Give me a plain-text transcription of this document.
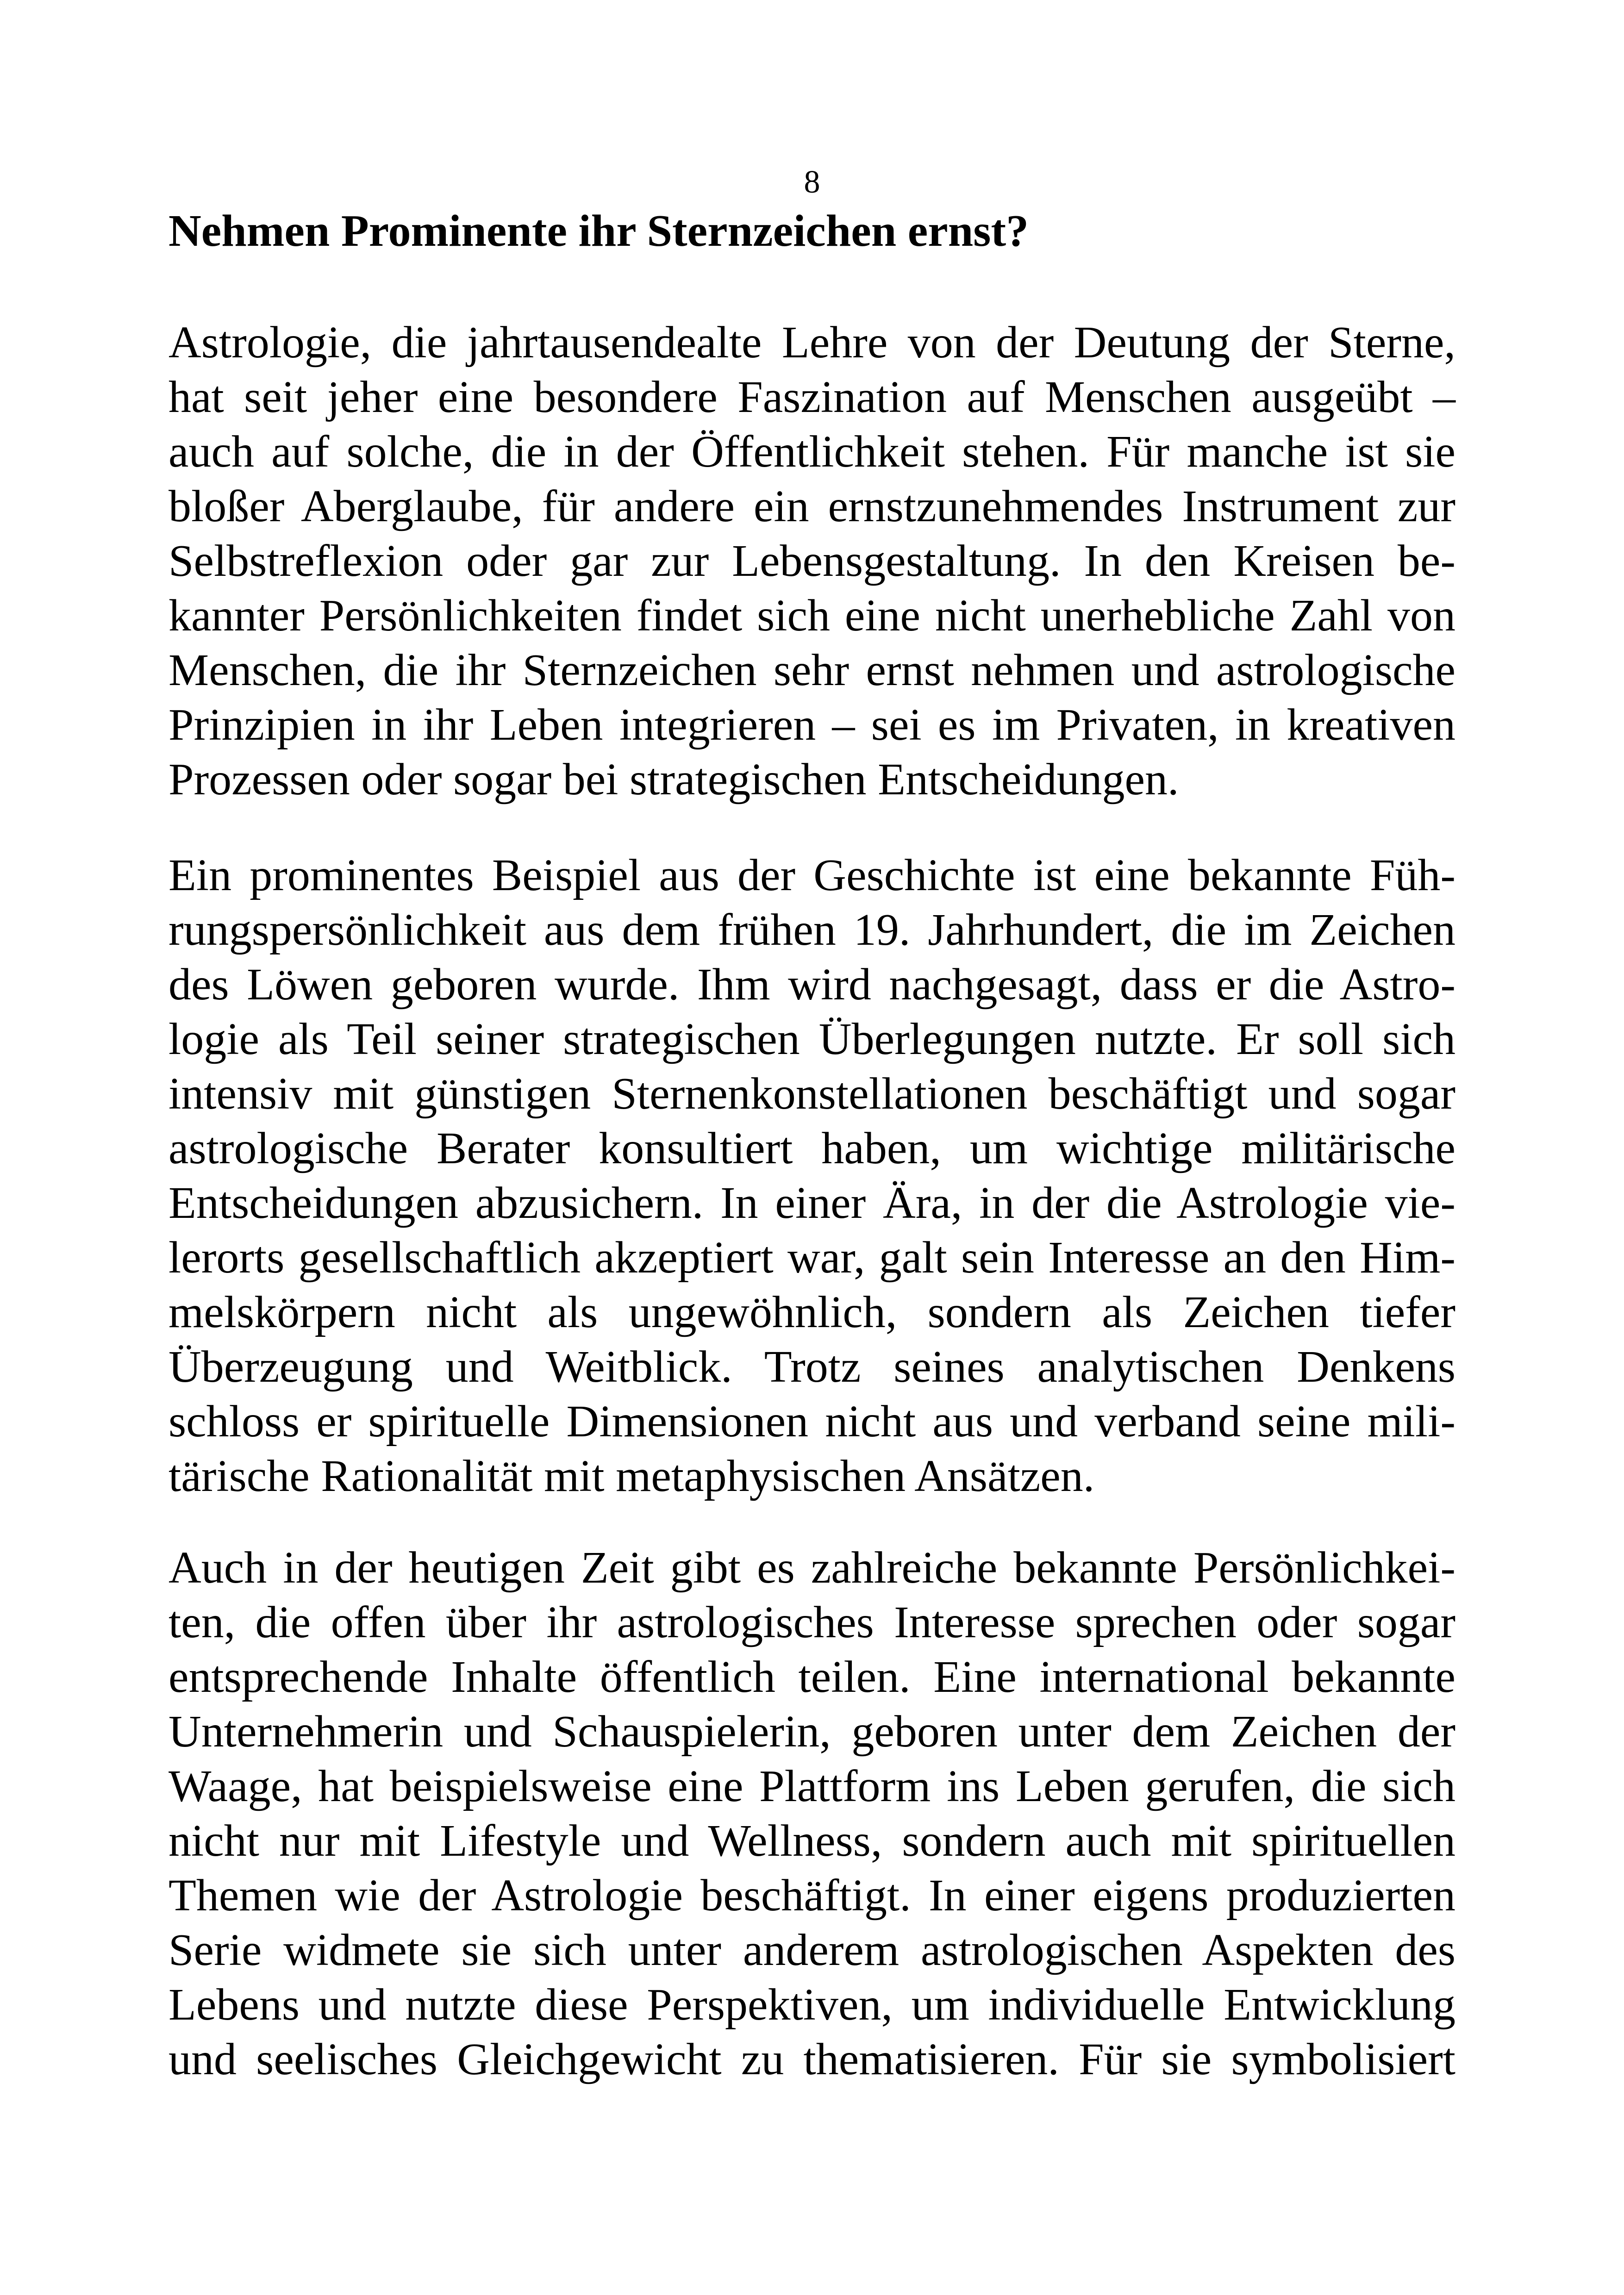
8
Nehmen Prominente ihr Sternzeichen ernst?
Astrologie, die jahrtausendealte Lehre von der Deutung der Sterne,
hat seit jeher eine besondere Faszination auf Menschen ausgeübt –
auch auf solche, die in der Öffentlichkeit stehen. Für manche ist sie
bloßer Aberglaube, für andere ein ernstzunehmendes Instrument zur
Selbstreflexion oder gar zur Lebensgestaltung. In den Kreisen be-
kannter Persönlichkeiten findet sich eine nicht unerhebliche Zahl von
Menschen, die ihr Sternzeichen sehr ernst nehmen und astrologische
Prinzipien in ihr Leben integrieren – sei es im Privaten, in kreativen
Prozessen oder sogar bei strategischen Entscheidungen.
Ein prominentes Beispiel aus der Geschichte ist eine bekannte Füh-
rungspersönlichkeit aus dem frühen 19. Jahrhundert, die im Zeichen
des Löwen geboren wurde. Ihm wird nachgesagt, dass er die Astro-
logie als Teil seiner strategischen Überlegungen nutzte. Er soll sich
intensiv mit günstigen Sternenkonstellationen beschäftigt und sogar
astrologische Berater konsultiert haben, um wichtige militärische
Entscheidungen abzusichern. In einer Ära, in der die Astrologie vie-
lerorts gesellschaftlich akzeptiert war, galt sein Interesse an den Him-
melskörpern nicht als ungewöhnlich, sondern als Zeichen tiefer
Überzeugung und Weitblick. Trotz seines analytischen Denkens
schloss er spirituelle Dimensionen nicht aus und verband seine mili-
tärische Rationalität mit metaphysischen Ansätzen.
Auch in der heutigen Zeit gibt es zahlreiche bekannte Persönlichkei-
ten, die offen über ihr astrologisches Interesse sprechen oder sogar
entsprechende Inhalte öffentlich teilen. Eine international bekannte
Unternehmerin und Schauspielerin, geboren unter dem Zeichen der
Waage, hat beispielsweise eine Plattform ins Leben gerufen, die sich
nicht nur mit Lifestyle und Wellness, sondern auch mit spirituellen
Themen wie der Astrologie beschäftigt. In einer eigens produzierten
Serie widmete sie sich unter anderem astrologischen Aspekten des
Lebens und nutzte diese Perspektiven, um individuelle Entwicklung
und seelisches Gleichgewicht zu thematisieren. Für sie symbolisiert
